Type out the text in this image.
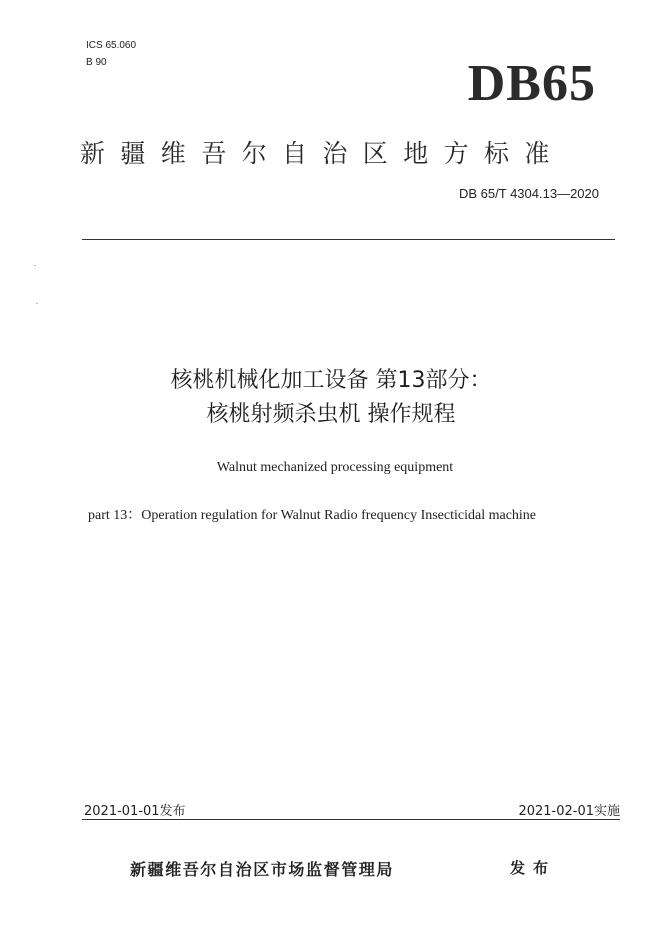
ICS 65.060
B 90	DB65
新疆维吾尔自治区地方标准
DB 65/T 4304.13—2020
核桃机械化加工设备 第13部分：
核桃射频杀虫机 操作规程
Walnut mechanized processing equipment
part 13：Operation regulation for Walnut Radio frequency Insecticidal machine
2021-01-01发布	2021-02-01实施
新疆维吾尔自治区市场监督管理局	发布
